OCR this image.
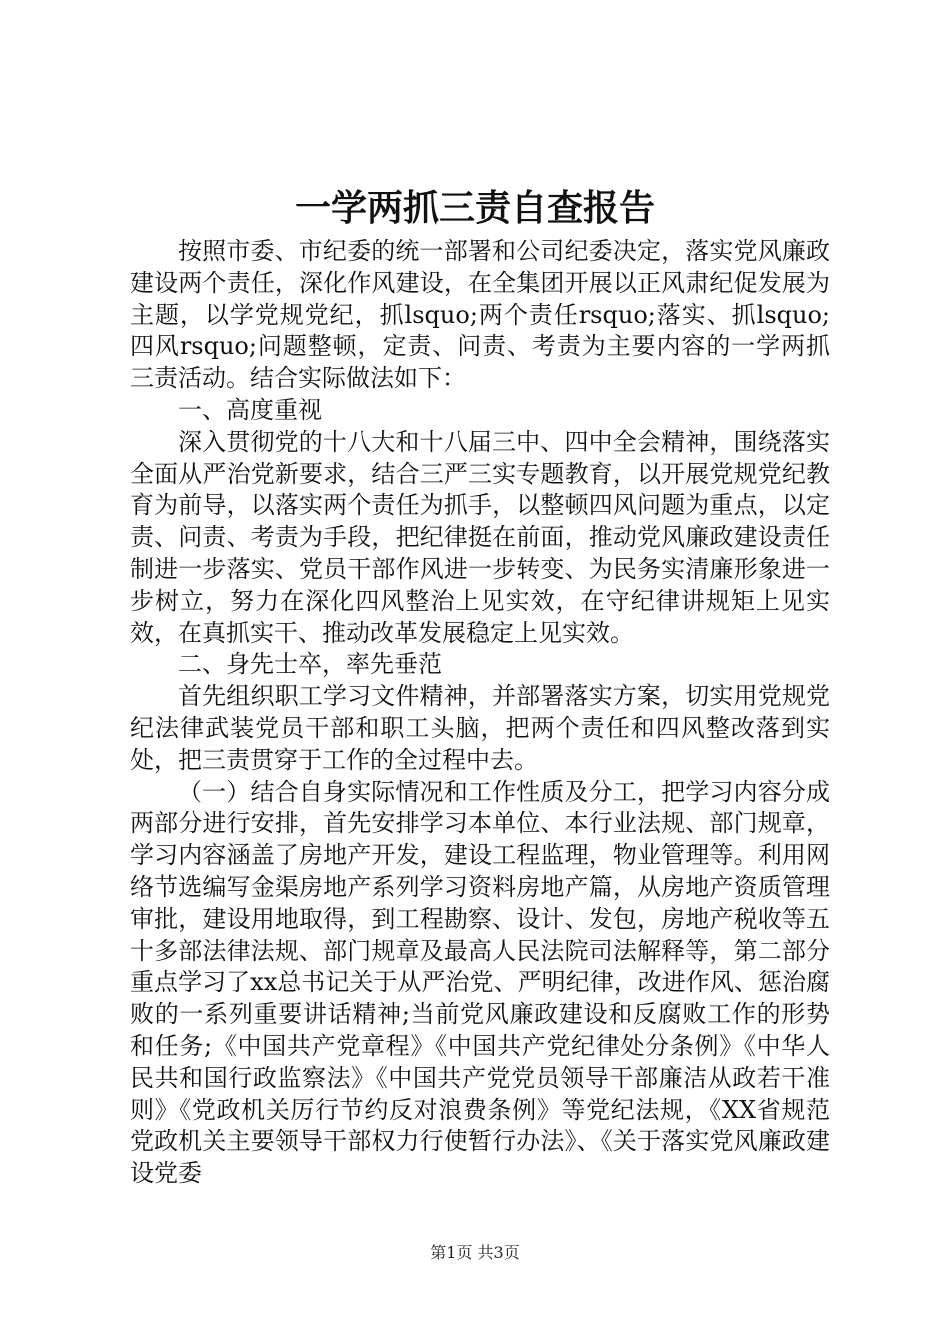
一学两抓三责自查报告

按照市委、市纪委的统一部署和公司纪委决定，落实党风廉政建设两个责任，深化作风建设，在全集团开展以正风肃纪促发展为主题，以学党规党纪，抓lsquo;两个责任rsquo;落实、抓lsquo;四风rsquo;问题整顿，定责、问责、考责为主要内容的一学两抓三责活动。结合实际做法如下：

一、高度重视

深入贯彻党的十八大和十八届三中、四中全会精神，围绕落实全面从严治党新要求，结合三严三实专题教育，以开展党规党纪教育为前导，以落实两个责任为抓手，以整顿四风问题为重点，以定责、问责、考责为手段，把纪律挺在前面，推动党风廉政建设责任制进一步落实、党员干部作风进一步转变、为民务实清廉形象进一步树立，努力在深化四风整治上见实效，在守纪律讲规矩上见实效，在真抓实干、推动改革发展稳定上见实效。

二、身先士卒，率先垂范

首先组织职工学习文件精神，并部署落实方案，切实用党规党纪法律武装党员干部和职工头脑，把两个责任和四风整改落到实处，把三责贯穿于工作的全过程中去。

（一）结合自身实际情况和工作性质及分工，把学习内容分成两部分进行安排，首先安排学习本单位、本行业法规、部门规章，学习内容涵盖了房地产开发，建设工程监理，物业管理等。利用网络节选编写金渠房地产系列学习资料房地产篇，从房地产资质管理审批，建设用地取得，到工程勘察、设计、发包，房地产税收等五十多部法律法规、部门规章及最高人民法院司法解释等，第二部分重点学习了xx总书记关于从严治党、严明纪律，改进作风、惩治腐败的一系列重要讲话精神;当前党风廉政建设和反腐败工作的形势和任务;《中国共产党章程》《中国共产党纪律处分条例》《中华人民共和国行政监察法》《中国共产党党员领导干部廉洁从政若干准则》《党政机关厉行节约反对浪费条例》等党纪法规，《XX省规范党政机关主要领导干部权力行使暂行办法》、《关于落实党风廉政建设党委

第1页 共3页
